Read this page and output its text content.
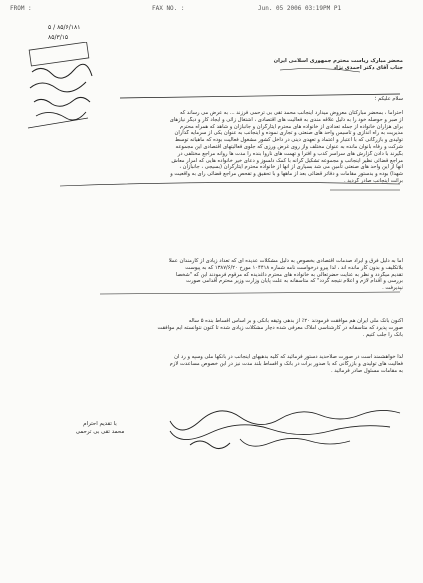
FROM :	FAX NO. :	Jun. 05 2006 03:19PM P1
۸۵/۶/۱۸۱ / ۵
۸۵/۳/۱۵
محضر مبارک ریاست محترم جمهوری اسلامی ایران
جناب آقای دکتر احمدی نژاد
سلام علیکم ؛
احتراماً ، بمحضر مبارکتان معروض میدارد اینجانب محمد تقی بی ترحمی فرزند ... به عرض می رساند که
از صبر و حوصله خود را به دلیل علاقه مندی به فعالیت های اقتصادی ، اشتغال زائی و ایجاد کار و دیگر نیازهای
برای هزاران خانواده از جمله تعدادی از خانواده های محترم ایثارگران و جانبازان و شاهد که همراه محترم
مدیریت به راه اندازی و تاسیس واحد های صنعتی و تجاری نموده و اینجانب به عنوان یکی از سرمایه گذاران
تولیدی و بازرگانی که با اعتبار و اعتماد و تعهدی دینی در داخل کشور مشغول فعالیت بوده که ماهیانه توسط
شرکت و رفاه بانوان مانده به عنوان مختلف واز روی غرض ورزی که جلوی فعالیتهای اقتصادی این مجموعه
بگیرند با دادن گزارش های سراسر کذب و افترا و تهمت های ناروا بنده را مدت ها روانه مراجع مختلفی در
مراجع قضائی نظیر اینجانب و مجموعه تشکیل گرانه با کمک دلسوز و دعای خیر خانواده هایی که امرار معاش
آنها از این واحد های صنعتی تأمین می شد بسیاری از آنها از خانواده محترم ایثارگران (بسیجی ، جانبازان ،
شهدا) بوده و بدستور مقامات و دفاتر قضائی بعد از ماهها و با تحقیق و تفحص مراجع قضائی رای به واقعیت و
برائت اینجانب صادر گردید .
اما به دلیل فرق و ایراد صدمات اقتصادی بخصوص به دلیل مشکلات عدیده ای که تعداد زیادی از کارمندان عملاً
بلاتکلیف و بدون کار مانده اند ، لذا پیرو درخواست نامه شماره ۱۰۴۴۱۸ مورخ ۱۳۸۷/۶/۲۰ که به پیوست
تقدیم میگردد و نظر به عنایت حضرتعالی به خانواده های محترم داغدیده که مرقوم فرمودند این که "شخصا
بررسی و اقدام لازم و اعلام نتیجه گردد" که متاسفانه به علت پایان وزارت وزیر محترم اقدامی صورت
نپذیرفت .
اکنون بانک ملی ایران هم موافقت فرمودند ۲۰٪ از بدهی وثیقه بانکی و بر اساس اقساط بنده ۵ ساله
صورت پذیرد که متاسفانه در کارشناسی املاک معرفی شده دچار مشکلات زیادی شده تا کنون نتوانسته ایم موافقت
بانک را جلب کنیم .
لذا خواهشمند است در صورت صلاحدید دستور فرمائید که کلیه بدهیهای اینجانب در بانکها ملی وسپه و رد آن
فعالیت های تولیدی و بازرگانی که با صدور برات در بانک و اقساط بلند مدت نیز در این خصوص مساعدت لازم
به مقامات مسئول صادر فرمائید .
با تقدیم احترام
محمد تقی بی ترحمی
